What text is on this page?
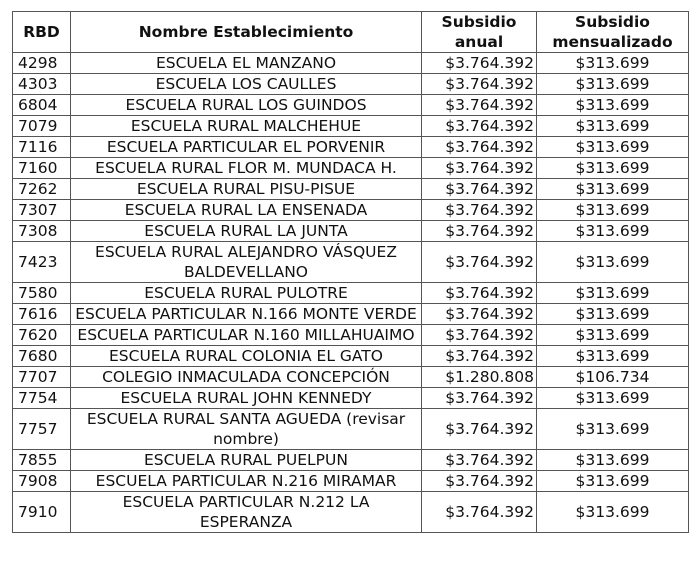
RBD	Nombre Establecimiento	Subsidio anual	Subsidio mensualizado
4298	ESCUELA EL MANZANO	$3.764.392	$313.699
4303	ESCUELA LOS CAULLES	$3.764.392	$313.699
6804	ESCUELA RURAL LOS GUINDOS	$3.764.392	$313.699
7079	ESCUELA RURAL MALCHEHUE	$3.764.392	$313.699
7116	ESCUELA PARTICULAR EL PORVENIR	$3.764.392	$313.699
7160	ESCUELA RURAL FLOR M. MUNDACA H.	$3.764.392	$313.699
7262	ESCUELA RURAL PISU-PISUE	$3.764.392	$313.699
7307	ESCUELA RURAL LA ENSENADA	$3.764.392	$313.699
7308	ESCUELA RURAL LA JUNTA	$3.764.392	$313.699
7423	ESCUELA RURAL ALEJANDRO VÁSQUEZ BALDEVELLANO	$3.764.392	$313.699
7580	ESCUELA RURAL PULOTRE	$3.764.392	$313.699
7616	ESCUELA PARTICULAR N.166 MONTE VERDE	$3.764.392	$313.699
7620	ESCUELA PARTICULAR N.160 MILLAHUAIMO	$3.764.392	$313.699
7680	ESCUELA RURAL COLONIA EL GATO	$3.764.392	$313.699
7707	COLEGIO INMACULADA CONCEPCIÓN	$1.280.808	$106.734
7754	ESCUELA RURAL JOHN KENNEDY	$3.764.392	$313.699
7757	ESCUELA RURAL SANTA AGUEDA (revisar nombre)	$3.764.392	$313.699
7855	ESCUELA RURAL PUELPUN	$3.764.392	$313.699
7908	ESCUELA PARTICULAR N.216 MIRAMAR	$3.764.392	$313.699
7910	ESCUELA PARTICULAR N.212 LA ESPERANZA	$3.764.392	$313.699
